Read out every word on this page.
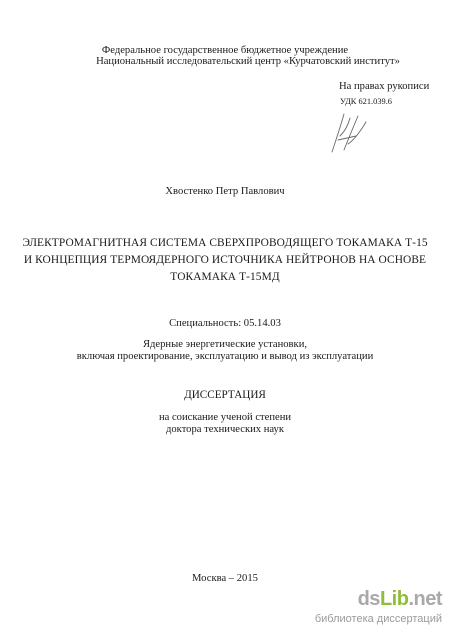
Федеральное государственное бюджетное учреждение
Национальный исследовательский центр «Курчатовский институт»
На правах рукописи
УДК 621.039.6
Хвостенко Петр Павлович
ЭЛЕКТРОМАГНИТНАЯ СИСТЕМА СВЕРХПРОВОДЯЩЕГО ТОКАМАКА Т-15
И КОНЦЕПЦИЯ ТЕРМОЯДЕРНОГО ИСТОЧНИКА НЕЙТРОНОВ НА ОСНОВЕ
ТОКАМАКА Т-15МД
Специальность: 05.14.03
Ядерные энергетические установки,
включая проектирование, эксплуатацию и вывод из эксплуатации
ДИССЕРТАЦИЯ
на соискание ученой степени
доктора технических наук
Москва – 2015
dsLib.net
библиотека диссертаций
